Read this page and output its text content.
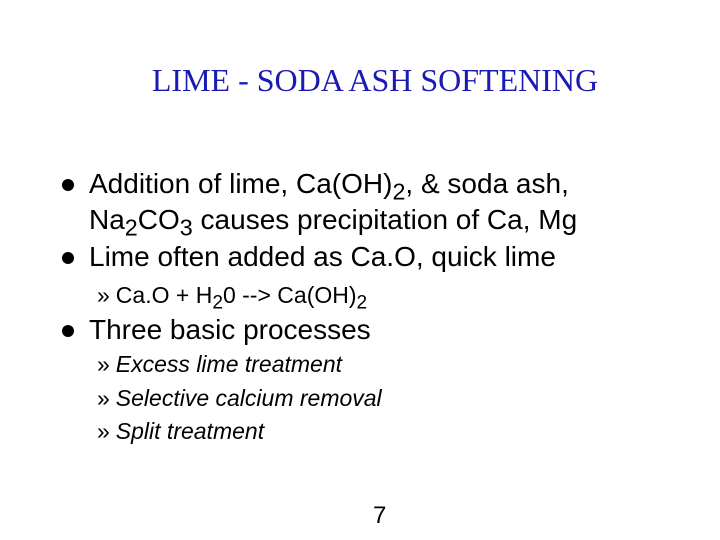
LIME - SODA ASH SOFTENING
Addition of lime, $Ca(OH)_2$, & soda ash,
$Na_2CO_3$ causes precipitation of Ca, Mg
Lime often added as Ca.O, quick lime
» $Ca.O + H_20$ --> $Ca(OH)_2$
Three basic processes
» Excess lime treatment
» Selective calcium removal
» Split treatment
7
